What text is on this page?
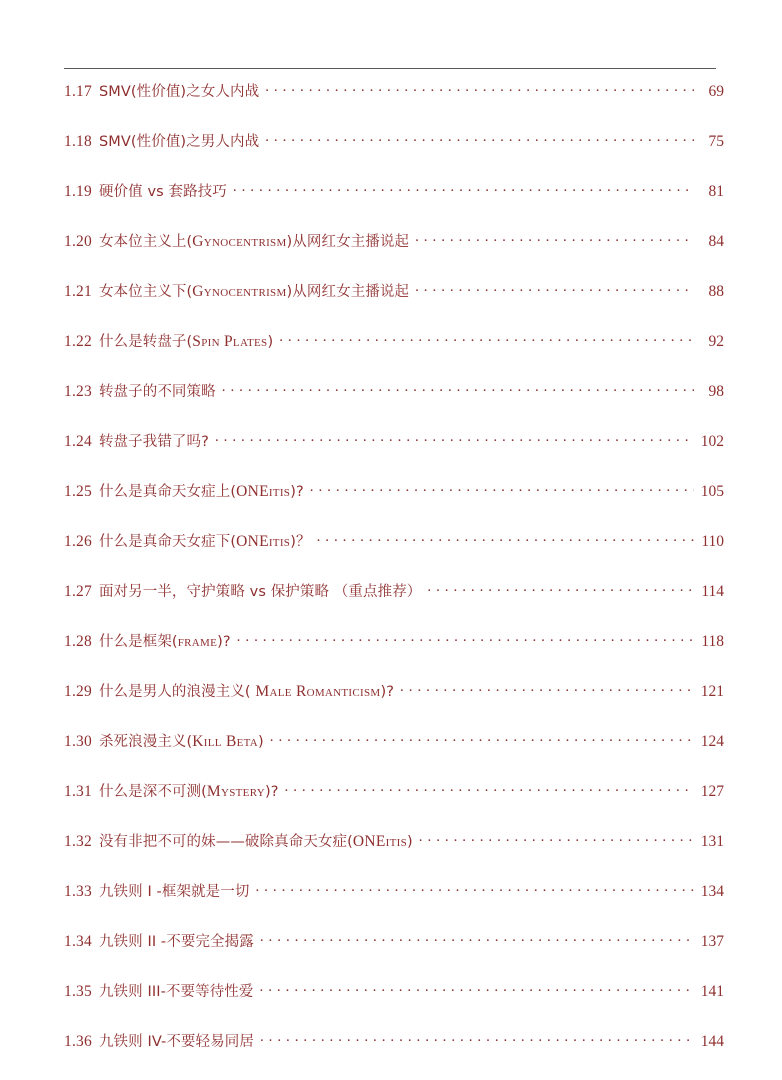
1.17 SMV(性价值)之女人内战 . . .	69
1.18 SMV(性价值)之男人内战 . . .	75
1.19 硬价值 vs 套路技巧 . . .	81
1.20 女本位主义上(Gynocentrism)从网红女主播说起 . . .	84
1.21 女本位主义下(Gynocentrism)从网红女主播说起 . . .	88
1.22 什么是转盘子(Spin Plates) . . .	92
1.23 转盘子的不同策略 . . .	98
1.24 转盘子我错了吗? . . .	102
1.25 什么是真命天女症上(ONEitis)? . . .	105
1.26 什么是真命天女症下(ONEitis)？ . . .	110
1.27 面对另一半，守护策略 vs 保护策略 （重点推荐） . . .	114
1.28 什么是框架(frame)? . . .	118
1.29 什么是男人的浪漫主义( Male Romanticism)? . . .	121
1.30 杀死浪漫主义(Kill Beta) . . .	124
1.31 什么是深不可测(Mystery)? . . .	127
1.32 没有非把不可的妹——破除真命天女症(ONEitis) . . .	131
1.33 九铁则 I -框架就是一切 . . .	134
1.34 九铁则 II -不要完全揭露 . . .	137
1.35 九铁则 III-不要等待性爱 . . .	141
1.36 九铁则 IV-不要轻易同居 . . .	144
